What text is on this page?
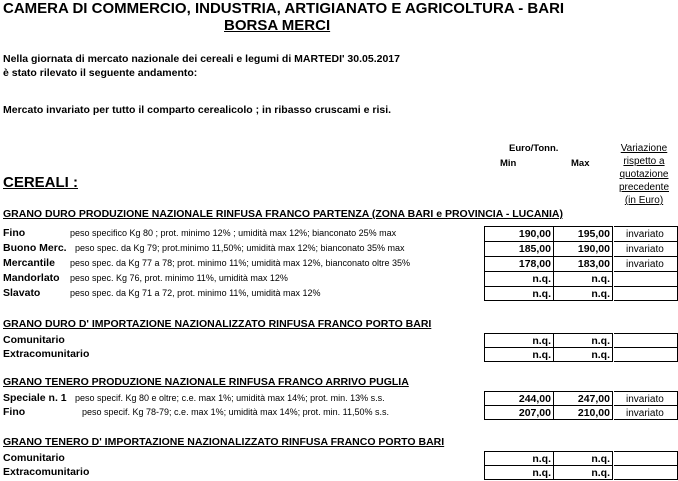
CAMERA DI COMMERCIO, INDUSTRIA, ARTIGIANATO E AGRICOLTURA - BARI
BORSA MERCI
Nella giornata di mercato nazionale dei cereali e legumi di MARTEDI' 30.05.2017
è stato rilevato il seguente andamento:
Mercato invariato per tutto il comparto cerealicolo ; in ribasso cruscami e risi.
Euro/Tonn.
Min	Max
Variazione
rispetto a
quotazione
precedente
(in Euro)
CEREALI :
GRANO DURO PRODUZIONE NAZIONALE RINFUSA FRANCO PARTENZA (ZONA BARI e PROVINCIA - LUCANIA)
Fino	peso specifico Kg 80 ; prot. minimo 12% ; umidità max 12%; bianconato 25% max	190,00	195,00	invariato
Buono Merc. peso spec. da Kg 79; prot.minimo 11,50%; umidità max 12%; bianconato 35% max	185,00	190,00	invariato
Mercantile peso spec. da Kg 77 a 78; prot. minimo 11%; umidità max 12%, bianconato oltre 35%	178,00	183,00	invariato
Mandorlato peso spec. Kg 76, prot. minimo 11%, umidità max 12%	n.q.	n.q.
Slavato	peso spec. da Kg 71 a 72, prot. minimo 11%, umidità max 12%	n.q.	n.q.
GRANO DURO D' IMPORTAZIONE NAZIONALIZZATO RINFUSA FRANCO PORTO BARI
Comunitario	n.q.	n.q.
Extracomunitario	n.q.	n.q.
GRANO TENERO PRODUZIONE NAZIONALE RINFUSA FRANCO ARRIVO PUGLIA
Speciale n. 1 peso specif. Kg 80 e oltre; c.e. max 1%; umidità max 14%; prot. min. 13% s.s.	244,00	247,00	invariato
Fino	peso specif. Kg 78-79; c.e. max 1%; umidità max 14%; prot. min. 11,50% s.s.	207,00	210,00	invariato
GRANO TENERO D' IMPORTAZIONE NAZIONALIZZATO RINFUSA FRANCO PORTO BARI
Comunitario	n.q.	n.q.
Extracomunitario	n.q.	n.q.
